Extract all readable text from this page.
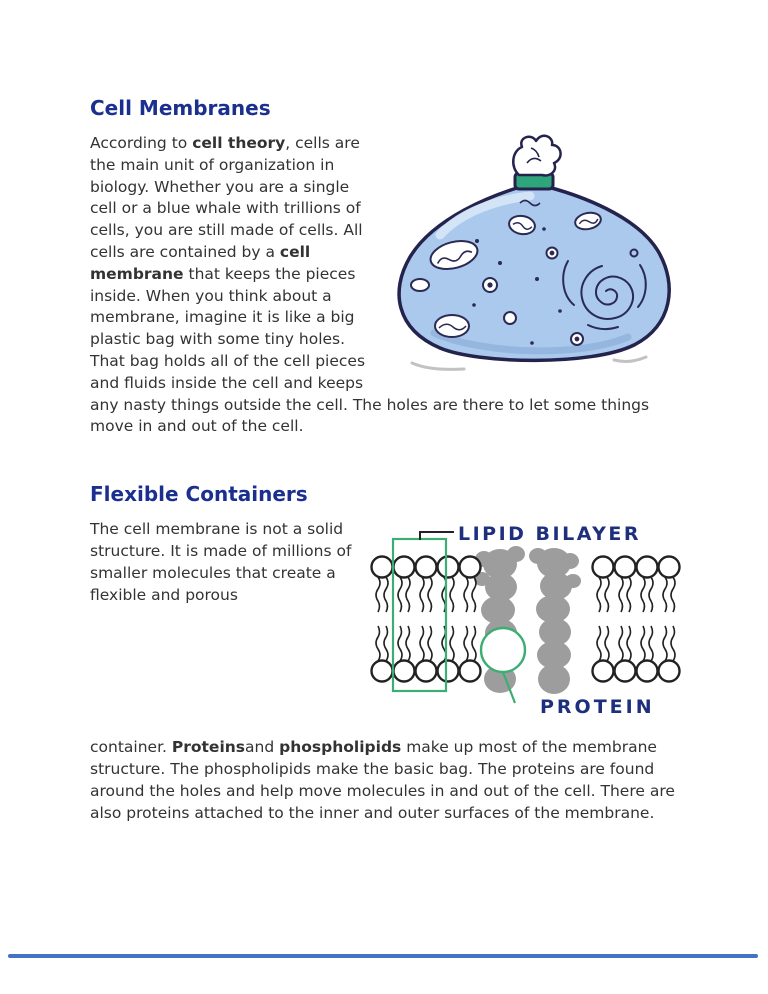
Cell Membranes

According to cell theory, cells are the main unit of organization in biology. Whether you are a single cell or a blue whale with trillions of cells, you are still made of cells. All cells are contained by a cell membrane that keeps the pieces inside. When you think about a membrane, imagine it is like a big plastic bag with some tiny holes. That bag holds all of the cell pieces and fluids inside the cell and keeps any nasty things outside the cell. The holes are there to let some things move in and out of the cell.

Flexible Containers
LIPID BILAYER
PROTEIN

The cell membrane is not a solid structure. It is made of millions of smaller molecules that create a flexible and porous

container. Proteinsand phospholipids make up most of the membrane structure. The phospholipids make the basic bag. The proteins are found around the holes and help move molecules in and out of the cell. There are also proteins attached to the inner and outer surfaces of the membrane.
